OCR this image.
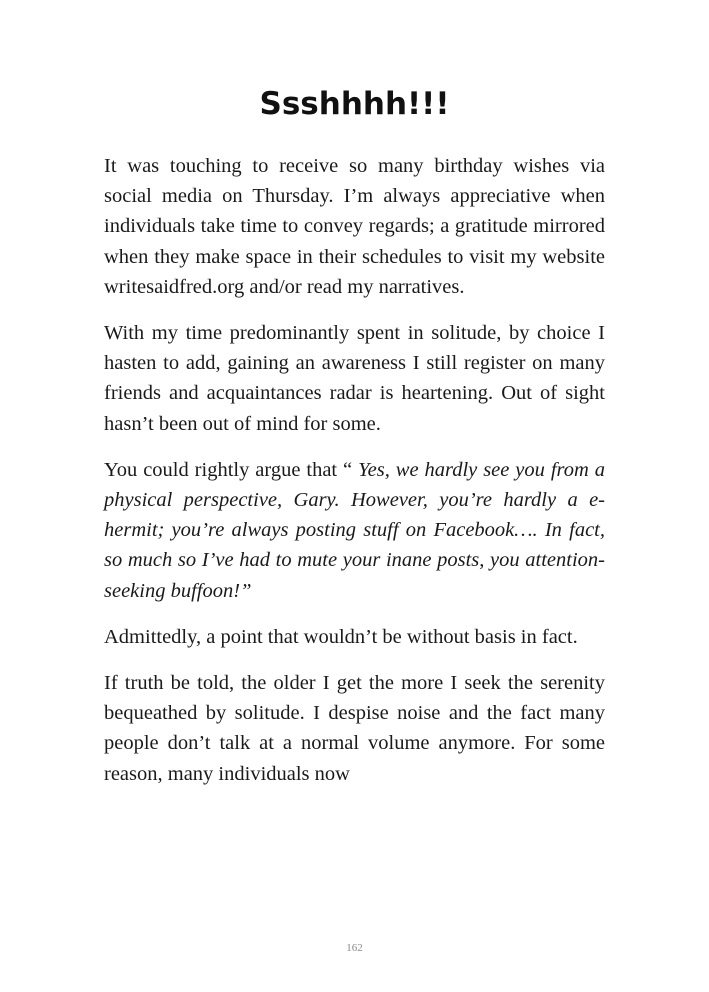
Ssshhhh!!!

It was touching to receive so many birthday wishes via social media on Thursday. I’m always appreciative when individuals take time to convey regards; a gratitude mirrored when they make space in their schedules to visit my website writesaidfred.org and/or read my narratives.

With my time predominantly spent in solitude, by choice I hasten to add, gaining an awareness I still register on many friends and acquaintances radar is heartening. Out of sight hasn’t been out of mind for some.

You could rightly argue that “ Yes, we hardly see you from a physical perspective, Gary. However, you’re hardly a e-hermit; you’re always posting stuff on Facebook…. In fact, so much so I’ve had to mute your inane posts, you attention-seeking buffoon!”

Admittedly, a point that wouldn’t be without basis in fact.

If truth be told, the older I get the more I seek the serenity bequeathed by solitude. I despise noise and the fact many people don’t talk at a normal volume anymore. For some reason, many individuals now

162
